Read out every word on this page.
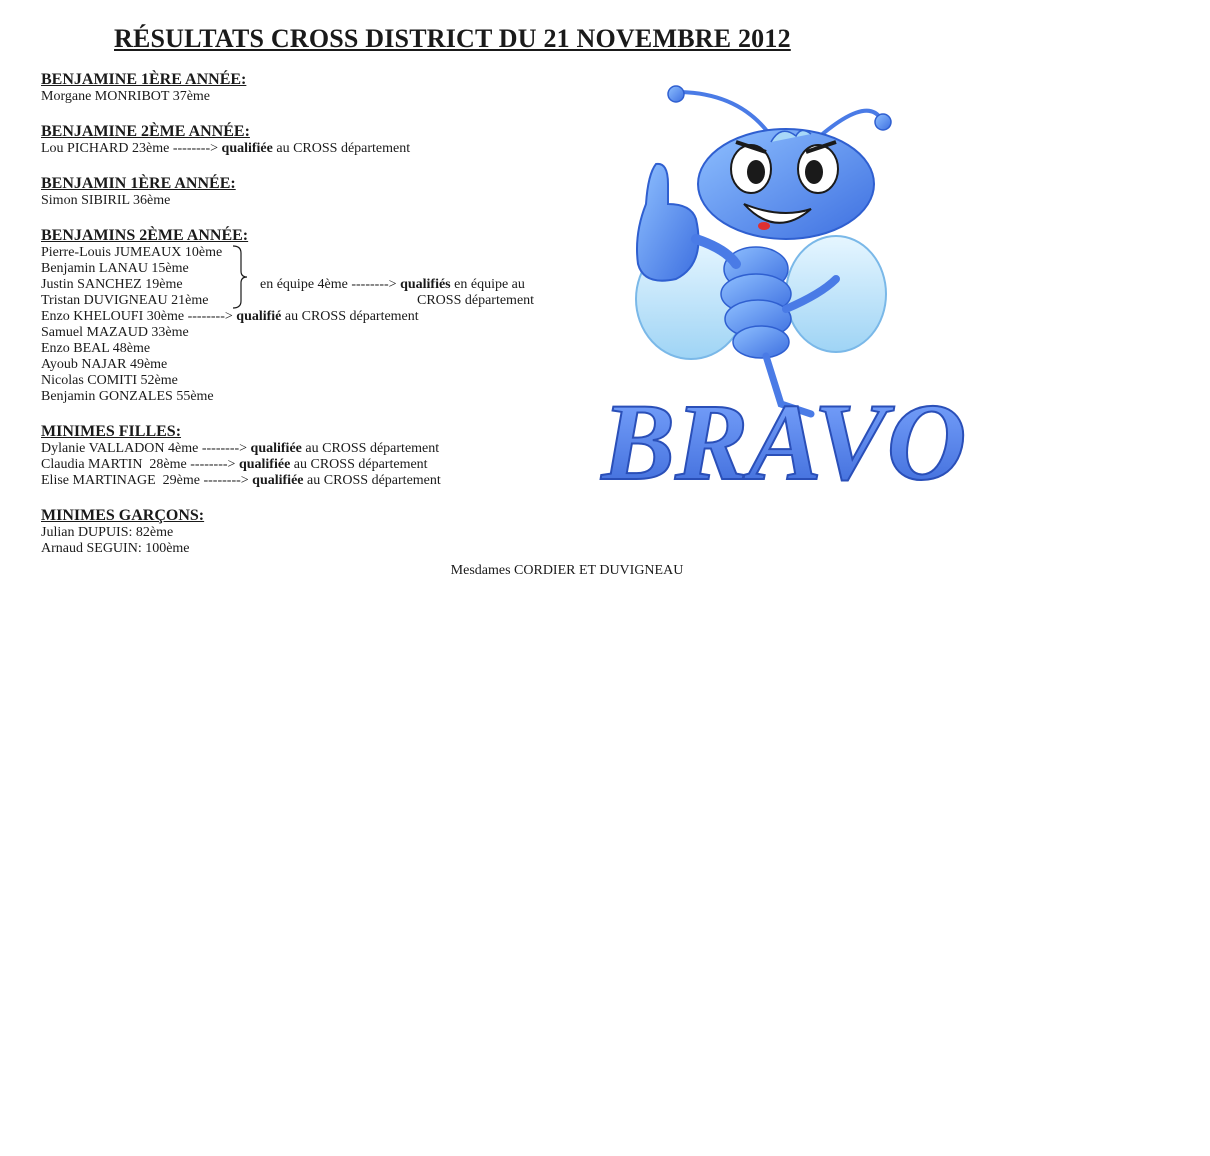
RÉSULTATS CROSS DISTRICT DU 21 NOVEMBRE 2012
BENJAMINE 1ÈRE ANNÉE:
Morgane MONRIBOT 37ème
BENJAMINE 2ÈME ANNÉE:
Lou PICHARD 23ème --------> qualifiée au CROSS département
BENJAMIN 1ÈRE ANNÉE:
Simon SIBIRIL 36ème
BENJAMINS 2ÈME ANNÉE:
Pierre-Louis JUMEAUX 10ème
Benjamin LANAU 15ème
Justin SANCHEZ 19ème
Tristan DUVIGNEAU 21ème
en équipe 4ème --------> qualifiés en équipe au
CROSS département
Enzo KHELOUFI 30ème --------> qualifié au CROSS département
Samuel MAZAUD 33ème
Enzo BEAL 48ème
Ayoub NAJAR 49ème
Nicolas COMITI 52ème
Benjamin GONZALES 55ème
MINIMES FILLES:
Dylanie VALLADON 4ème --------> qualifiée au CROSS département
Claudia MARTIN  28ème --------> qualifiée au CROSS département
Elise MARTINAGE  29ème --------> qualifiée au CROSS département
MINIMES GARÇONS:
Julian DUPUIS: 82ème
Arnaud SEGUIN: 100ème
Mesdames CORDIER ET DUVIGNEAU
BRAVO
